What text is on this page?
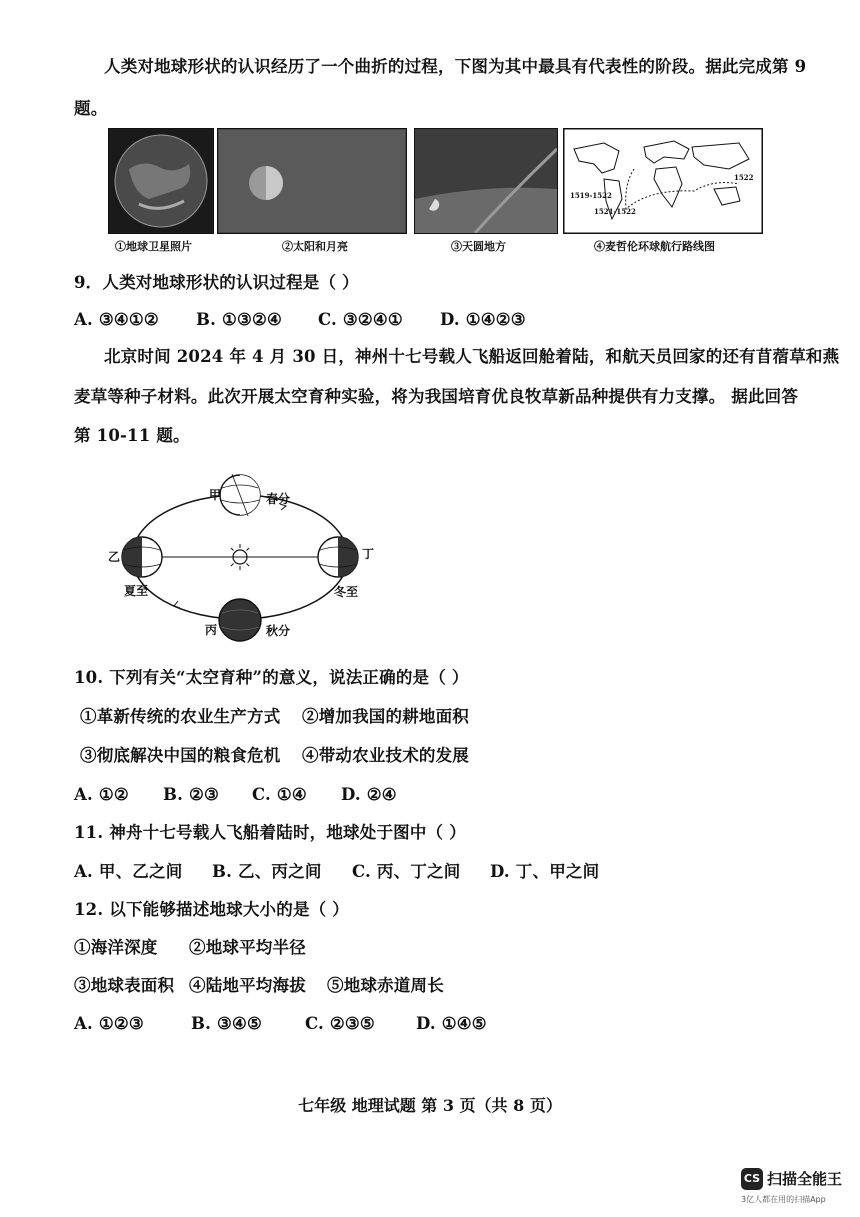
人类对地球形状的认识经历了一个曲折的过程，下图为其中最具有代表性的阶段。据此完成第 9
题。
1519-1522
1521-1522
1522
①地球卫星照片	②太阳和月亮	③天圆地方	④麦哲伦环球航行路线图
9．人类对地球形状的认识过程是（ ）
A. ③④①② B. ①③②④ C. ③②④① D. ①④②③
北京时间 2024 年 4 月 30 日，神州十七号载人飞船返回舱着陆，和航天员回家的还有苜蓿草和燕
麦草等种子材料。此次开展太空育种实验，将为我国培育优良牧草新品种提供有力支撑。 据此回答
第 10-11 题。
甲	春分
乙
夏至
丁
冬至
丙	秋分
10. 下列有关“太空育种”的意义，说法正确的是（ ）
①革新传统的农业生产方式 ②增加我国的耕地面积
③彻底解决中国的粮食危机 ④带动农业技术的发展
A. ①② B. ②③ C. ①④ D. ②④
11. 神舟十七号载人飞船着陆时，地球处于图中（ ）
A. 甲、乙之间 B. 乙、丙之间 C. 丙、丁之间 D. 丁、甲之间
12. 以下能够描述地球大小的是（ ）
①海洋深度 ②地球平均半径
③地球表面积 ④陆地平均海拔 ⑤地球赤道周长
A. ①②③	B. ③④⑤	C. ②③⑤ D. ①④⑤
七年级 地理试题 第 3 页（共 8 页）
CS 扫描全能王
3亿人都在用的扫描App
